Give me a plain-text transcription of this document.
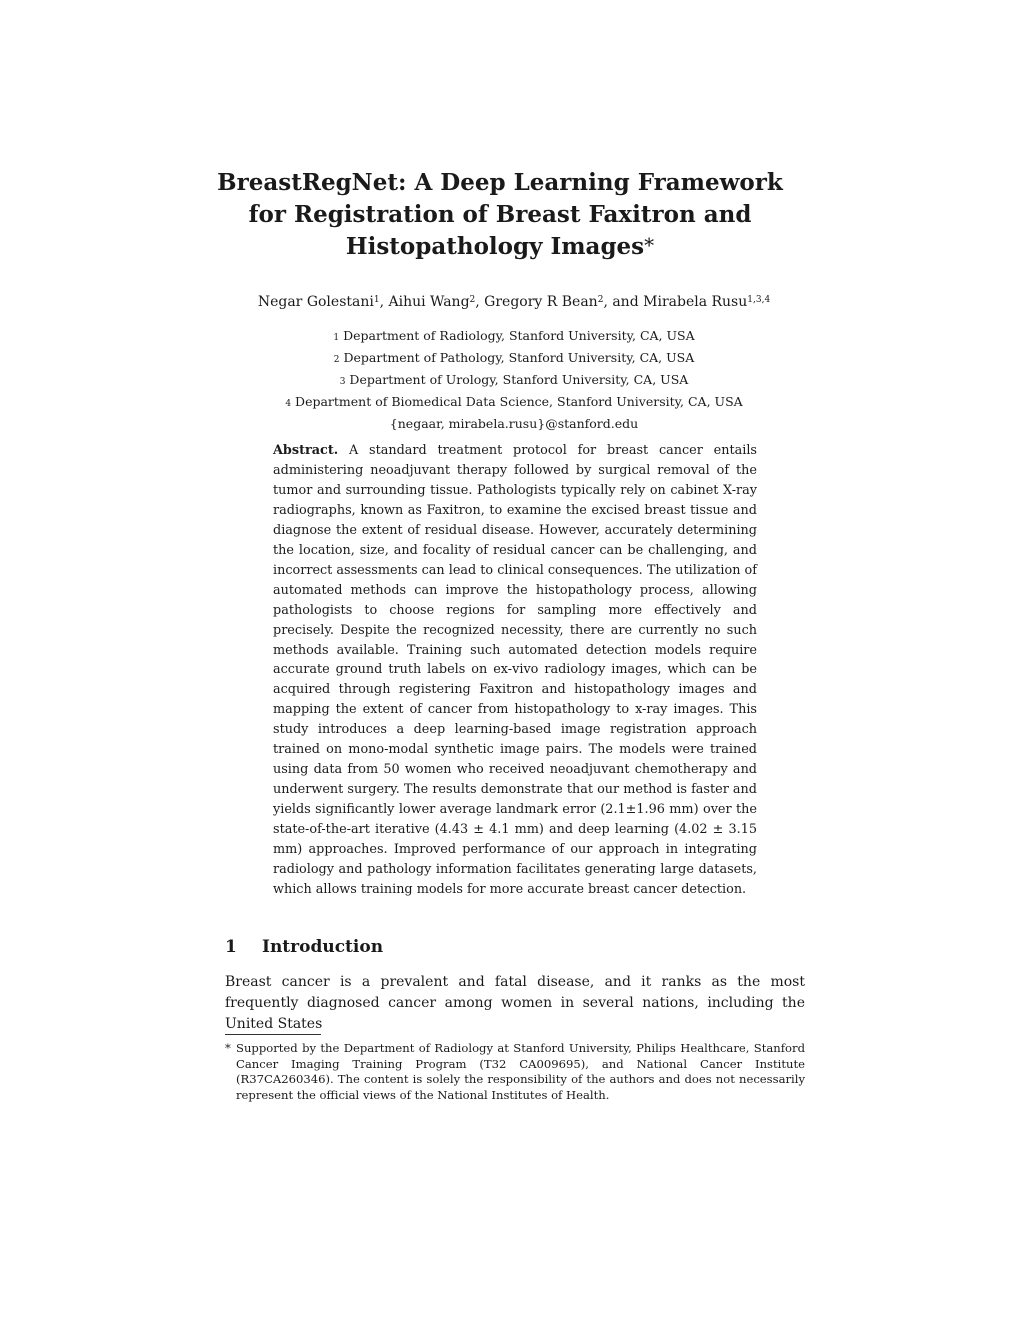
BreastRegNet: A Deep Learning Framework for Registration of Breast Faxitron and Histopathology Images*
Negar Golestani$^1$, Aihui Wang$^2$, Gregory R Bean$^2$, and Mirabela Rusu$^{1,3,4}$
1 Department of Radiology, Stanford University, CA, USA
2 Department of Pathology, Stanford University, CA, USA
3 Department of Urology, Stanford University, CA, USA
4 Department of Biomedical Data Science, Stanford University, CA, USA
{negaar, mirabela.rusu}@stanford.edu

Abstract. A standard treatment protocol for breast cancer entails administering neoadjuvant therapy followed by surgical removal of the tumor and surrounding tissue. Pathologists typically rely on cabinet X-ray radiographs, known as Faxitron, to examine the excised breast tissue and diagnose the extent of residual disease. However, accurately determining the location, size, and focality of residual cancer can be challenging, and incorrect assessments can lead to clinical consequences. The utilization of automated methods can improve the histopathology process, allowing pathologists to choose regions for sampling more effectively and precisely. Despite the recognized necessity, there are currently no such methods available. Training such automated detection models require accurate ground truth labels on ex-vivo radiology images, which can be acquired through registering Faxitron and histopathology images and mapping the extent of cancer from histopathology to x-ray images. This study introduces a deep learning-based image registration approach trained on mono-modal synthetic image pairs. The models were trained using data from 50 women who received neoadjuvant chemotherapy and underwent surgery. The results demonstrate that our method is faster and yields significantly lower average landmark error (2.1±1.96 mm) over the state-of-the-art iterative (4.43 ± 4.1 mm) and deep learning (4.02 ± 3.15 mm) approaches. Improved performance of our approach in integrating radiology and pathology information facilitates generating large datasets, which allows training models for more accurate breast cancer detection.

1 Introduction

Breast cancer is a prevalent and fatal disease, and it ranks as the most frequently diagnosed cancer among women in several nations, including the United States

* Supported by the Department of Radiology at Stanford University, Philips Healthcare, Stanford Cancer Imaging Training Program (T32 CA009695), and National Cancer Institute (R37CA260346). The content is solely the responsibility of the authors and does not necessarily represent the official views of the National Institutes of Health.
